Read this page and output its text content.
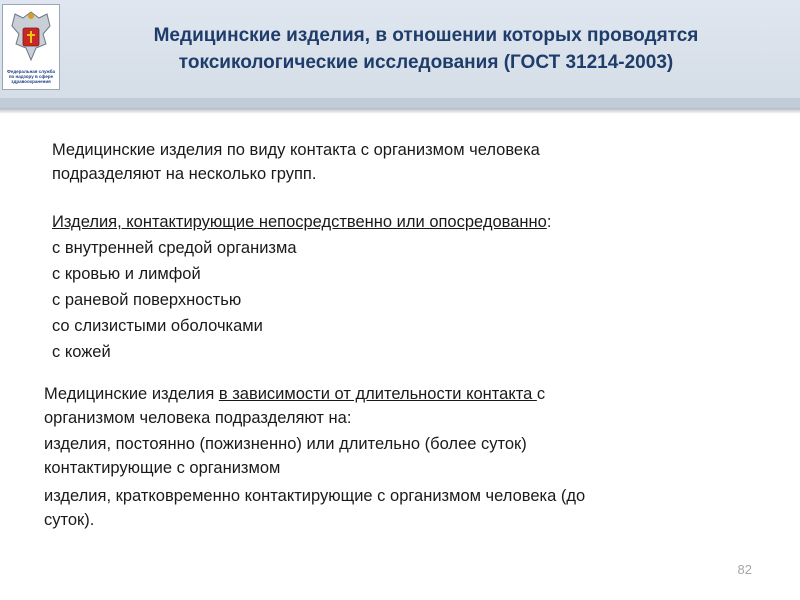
Федеральная служба по надзору в сфере здравоохранения
Медицинские изделия, в отношении которых проводятся
токсикологические исследования (ГОСТ 31214-2003)
Медицинские изделия по виду контакта с организмом человека
подразделяют на несколько групп.
Изделия, контактирующие непосредственно или опосредованно:
с внутренней средой организма
с кровью и лимфой
с раневой поверхностью
со слизистыми оболочками
с кожей
Медицинские изделия в зависимости от длительности контакта с
организмом человека подразделяют на:
изделия, постоянно (пожизненно) или длительно (более суток)
контактирующие с организмом
изделия, кратковременно контактирующие с организмом человека (до
суток).
82
